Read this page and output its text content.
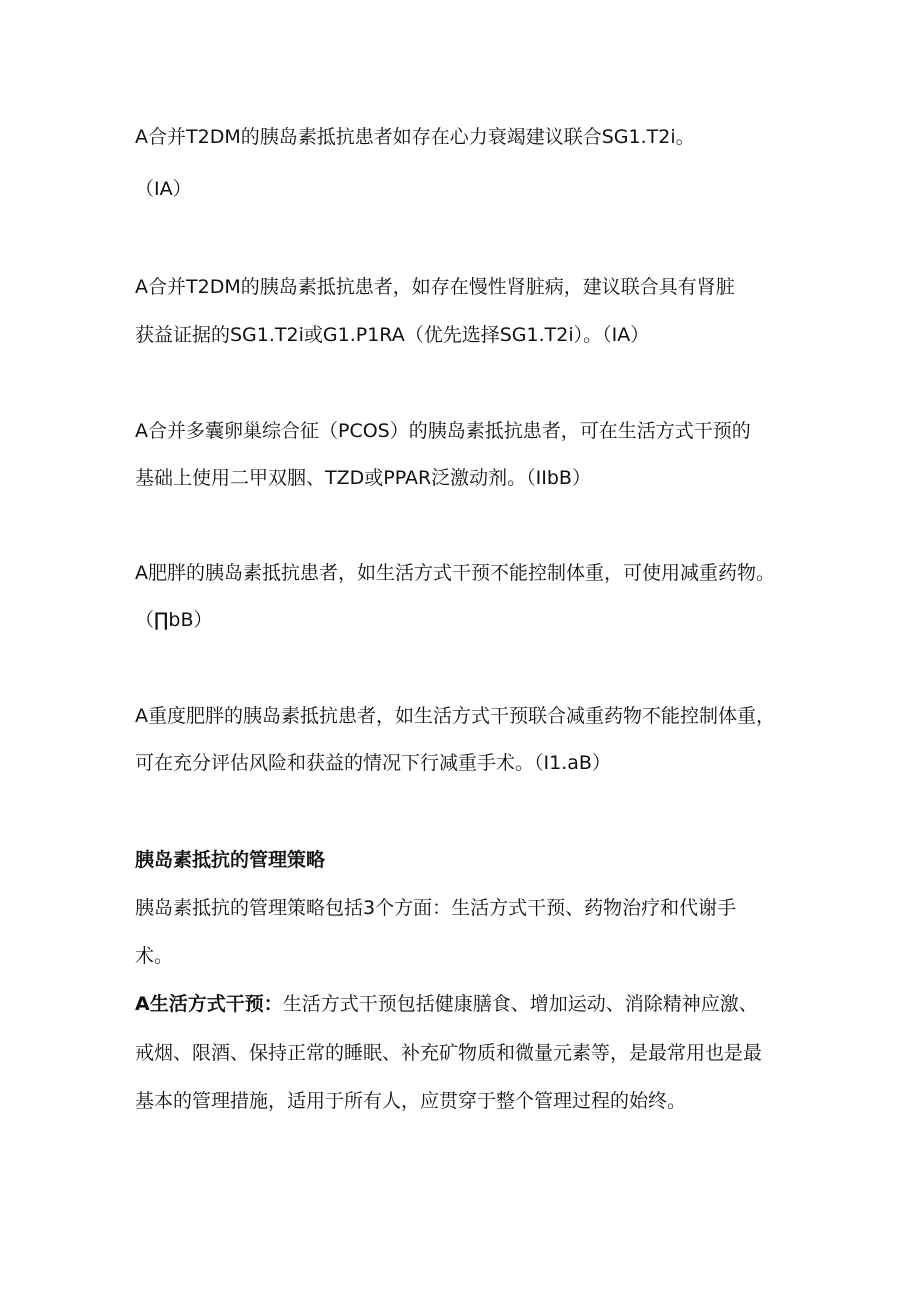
A合并T2DM的胰岛素抵抗患者如存在心力衰竭建议联合SG1.T2i。
（IA）
A合并T2DM的胰岛素抵抗患者，如存在慢性肾脏病，建议联合具有肾脏
获益证据的SG1.T2i或G1.P1RA（优先选择SG1.T2i）。（IA）
A合并多囊卵巢综合征（PCOS）的胰岛素抵抗患者，可在生活方式干预的
基础上使用二甲双胭、TZD或PPAR泛激动剂。（IIbB）
A肥胖的胰岛素抵抗患者，如生活方式干预不能控制体重，可使用减重药物。
（∏bB）
A重度肥胖的胰岛素抵抗患者，如生活方式干预联合减重药物不能控制体重，
可在充分评估风险和获益的情况下行减重手术。（I1.aB）
胰岛素抵抗的管理策略
胰岛素抵抗的管理策略包括3个方面：生活方式干预、药物治疗和代谢手
术。
A生活方式干预：生活方式干预包括健康膳食、增加运动、消除精神应激、
戒烟、限酒、保持正常的睡眠、补充矿物质和微量元素等，是最常用也是最
基本的管理措施，适用于所有人，应贯穿于整个管理过程的始终。
